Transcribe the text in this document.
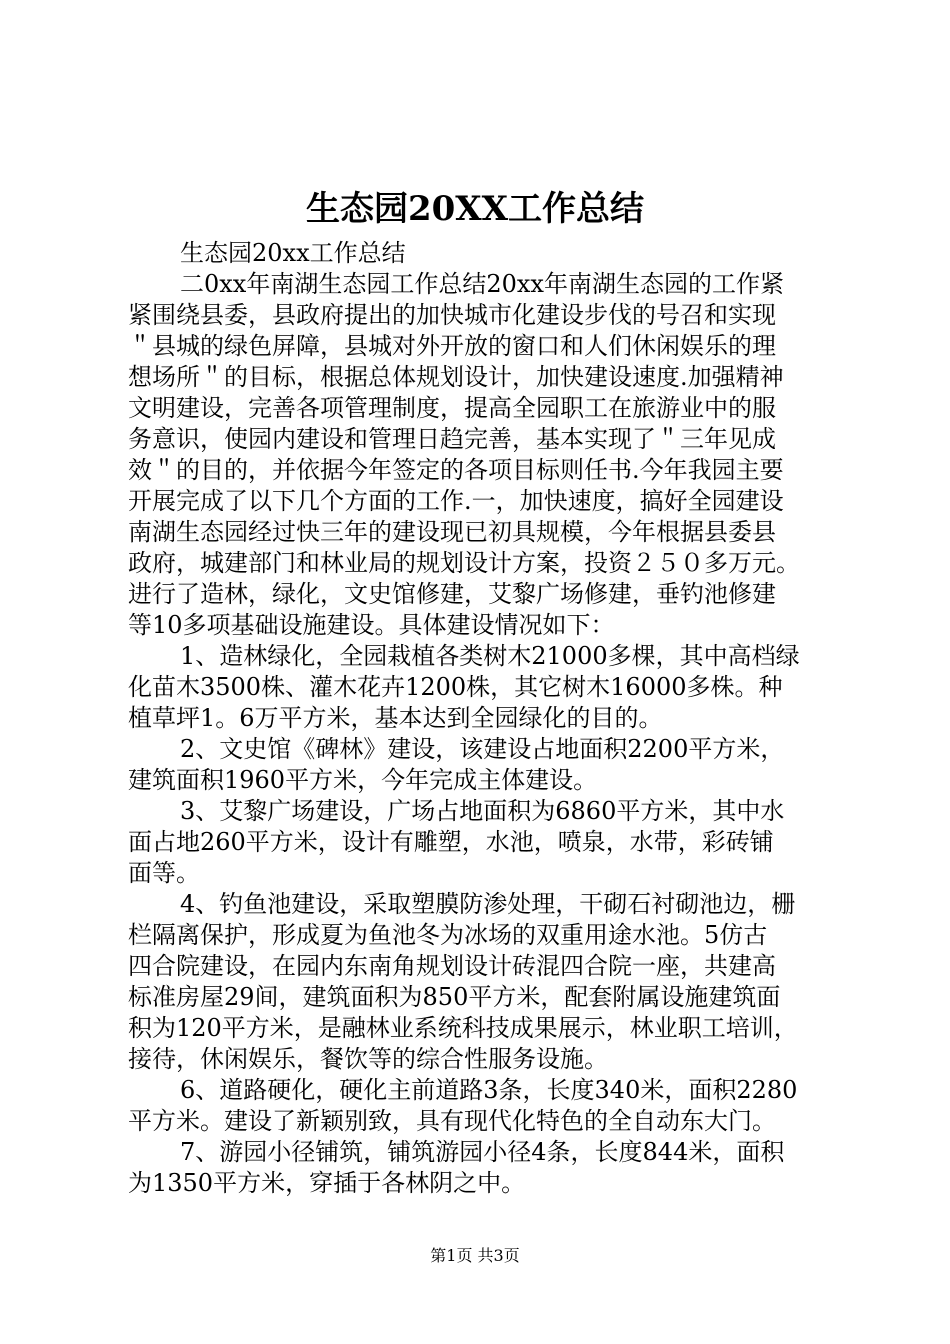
生态园20XX工作总结
生态园20xx工作总结
二0xx年南湖生态园工作总结20xx年南湖生态园的工作紧
紧围绕县委，县政府提出的加快城市化建设步伐的号召和实现
＂县城的绿色屏障，县城对外开放的窗口和人们休闲娱乐的理
想场所＂的目标，根据总体规划设计，加快建设速度.加强精神
文明建设，完善各项管理制度，提高全园职工在旅游业中的服
务意识，使园内建设和管理日趋完善，基本实现了＂三年见成
效＂的目的，并依据今年签定的各项目标则任书.今年我园主要
开展完成了以下几个方面的工作.一，加快速度，搞好全园建设
南湖生态园经过快三年的建设现已初具规模，今年根据县委县
政府，城建部门和林业局的规划设计方案，投资２５０多万元。
进行了造林，绿化，文史馆修建，艾黎广场修建，垂钓池修建
等10多项基础设施建设。具体建设情况如下：
1、造林绿化，全园栽植各类树木21000多棵，其中高档绿
化苗木3500株、灌木花卉1200株，其它树木16000多株。种
植草坪1。6万平方米，基本达到全园绿化的目的。
2、文史馆《碑林》建设，该建设占地面积2200平方米，
建筑面积1960平方米，今年完成主体建设。
3、艾黎广场建设，广场占地面积为6860平方米，其中水
面占地260平方米，设计有雕塑，水池，喷泉，水带，彩砖铺
面等。
4、钓鱼池建设，采取塑膜防渗处理，干砌石衬砌池边，栅
栏隔离保护，形成夏为鱼池冬为冰场的双重用途水池。5仿古
四合院建设，在园内东南角规划设计砖混四合院一座，共建高
标准房屋29间，建筑面积为850平方米，配套附属设施建筑面
积为120平方米，是融林业系统科技成果展示，林业职工培训，
接待，休闲娱乐，餐饮等的综合性服务设施。
6、道路硬化，硬化主前道路3条，长度340米，面积2280
平方米。建设了新颖别致，具有现代化特色的全自动东大门。
7、游园小径铺筑，铺筑游园小径4条，长度844米，面积
为1350平方米，穿插于各林阴之中。
第1页 共3页
